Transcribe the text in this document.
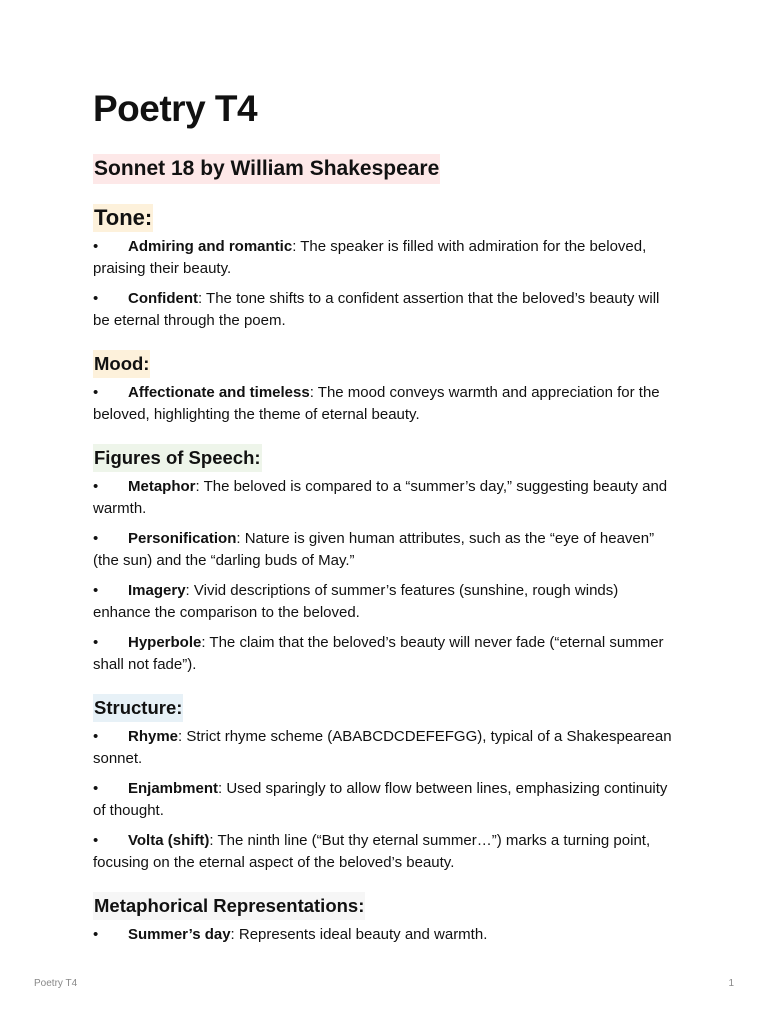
Poetry T4
Sonnet 18 by William Shakespeare
Tone:
• Admiring and romantic: The speaker is filled with admiration for the beloved, praising their beauty.
• Confident: The tone shifts to a confident assertion that the beloved’s beauty will be eternal through the poem.
Mood:
• Affectionate and timeless: The mood conveys warmth and appreciation for the beloved, highlighting the theme of eternal beauty.
Figures of Speech:
• Metaphor: The beloved is compared to a “summer’s day,” suggesting beauty and warmth.
• Personification: Nature is given human attributes, such as the “eye of heaven” (the sun) and the “darling buds of May.”
• Imagery: Vivid descriptions of summer’s features (sunshine, rough winds) enhance the comparison to the beloved.
• Hyperbole: The claim that the beloved’s beauty will never fade (“eternal summer shall not fade”).
Structure:
• Rhyme: Strict rhyme scheme (ABABCDCDEFEFGG), typical of a Shakespearean sonnet.
• Enjambment: Used sparingly to allow flow between lines, emphasizing continuity of thought.
• Volta (shift): The ninth line (“But thy eternal summer…”) marks a turning point, focusing on the eternal aspect of the beloved’s beauty.
Metaphorical Representations:
• Summer’s day: Represents ideal beauty and warmth.
Poetry T4	1
